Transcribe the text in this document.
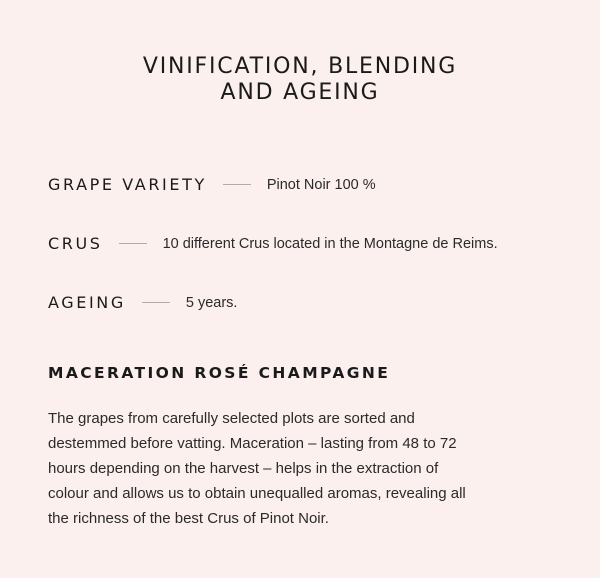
VINIFICATION, BLENDING
AND AGEING
GRAPE VARIETY	Pinot Noir 100 %
CRUS	10 different Crus located in the Montagne de Reims.
AGEING	5 years.
MACERATION ROSÉ CHAMPAGNE

The grapes from carefully selected plots are sorted and
destemmed before vatting. Maceration – lasting from 48 to 72
hours depending on the harvest – helps in the extraction of
colour and allows us to obtain unequalled aromas, revealing all
the richness of the best Crus of Pinot Noir.
